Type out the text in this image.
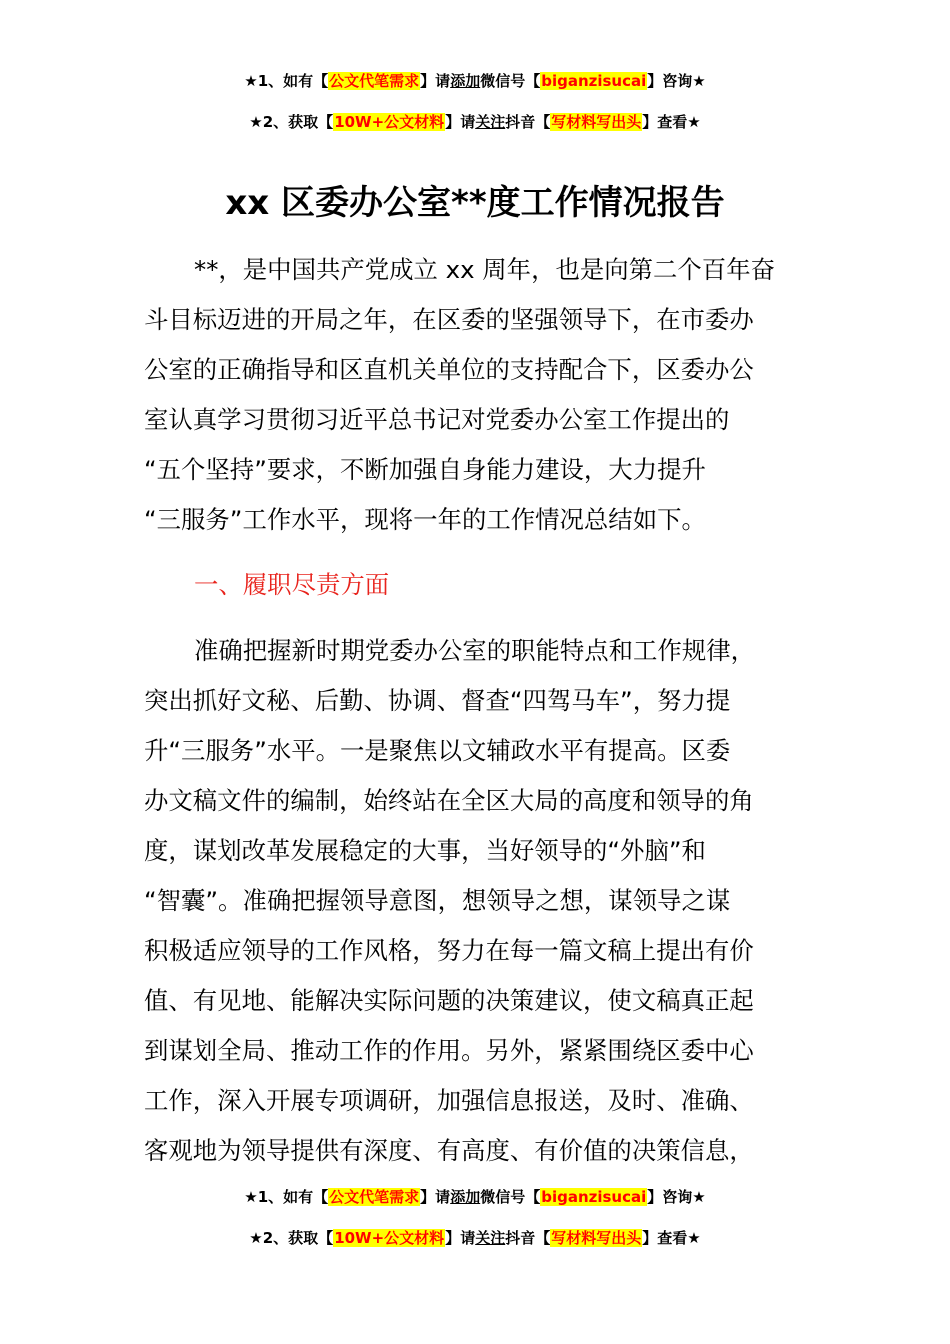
★1、如有【公文代笔需求】请添加微信号【biganzisucai】咨询★
★2、获取【10W+公文材料】请关注抖音【写材料写出头】查看★
xx 区委办公室**度工作情况报告
**，是中国共产党成立 xx 周年，也是向第二个百年奋
斗目标迈进的开局之年，在区委的坚强领导下，在市委办
公室的正确指导和区直机关单位的支持配合下，区委办公
室认真学习贯彻习近平总书记对党委办公室工作提出的
“五个坚持”要求，不断加强自身能力建设，大力提升
“三服务”工作水平，现将一年的工作情况总结如下。
一、履职尽责方面
准确把握新时期党委办公室的职能特点和工作规律，
突出抓好文秘、后勤、协调、督查“四驾马车”，努力提
升“三服务”水平。一是聚焦以文辅政水平有提高。区委
办文稿文件的编制，始终站在全区大局的高度和领导的角
度，谋划改革发展稳定的大事，当好领导的“外脑”和
“智囊”。准确把握领导意图，想领导之想，谋领导之谋
积极适应领导的工作风格，努力在每一篇文稿上提出有价
值、有见地、能解决实际问题的决策建议，使文稿真正起
到谋划全局、推动工作的作用。另外，紧紧围绕区委中心
工作，深入开展专项调研，加强信息报送，及时、准确、
客观地为领导提供有深度、有高度、有价值的决策信息，
★1、如有【公文代笔需求】请添加微信号【biganzisucai】咨询★
★2、获取【10W+公文材料】请关注抖音【写材料写出头】查看★
